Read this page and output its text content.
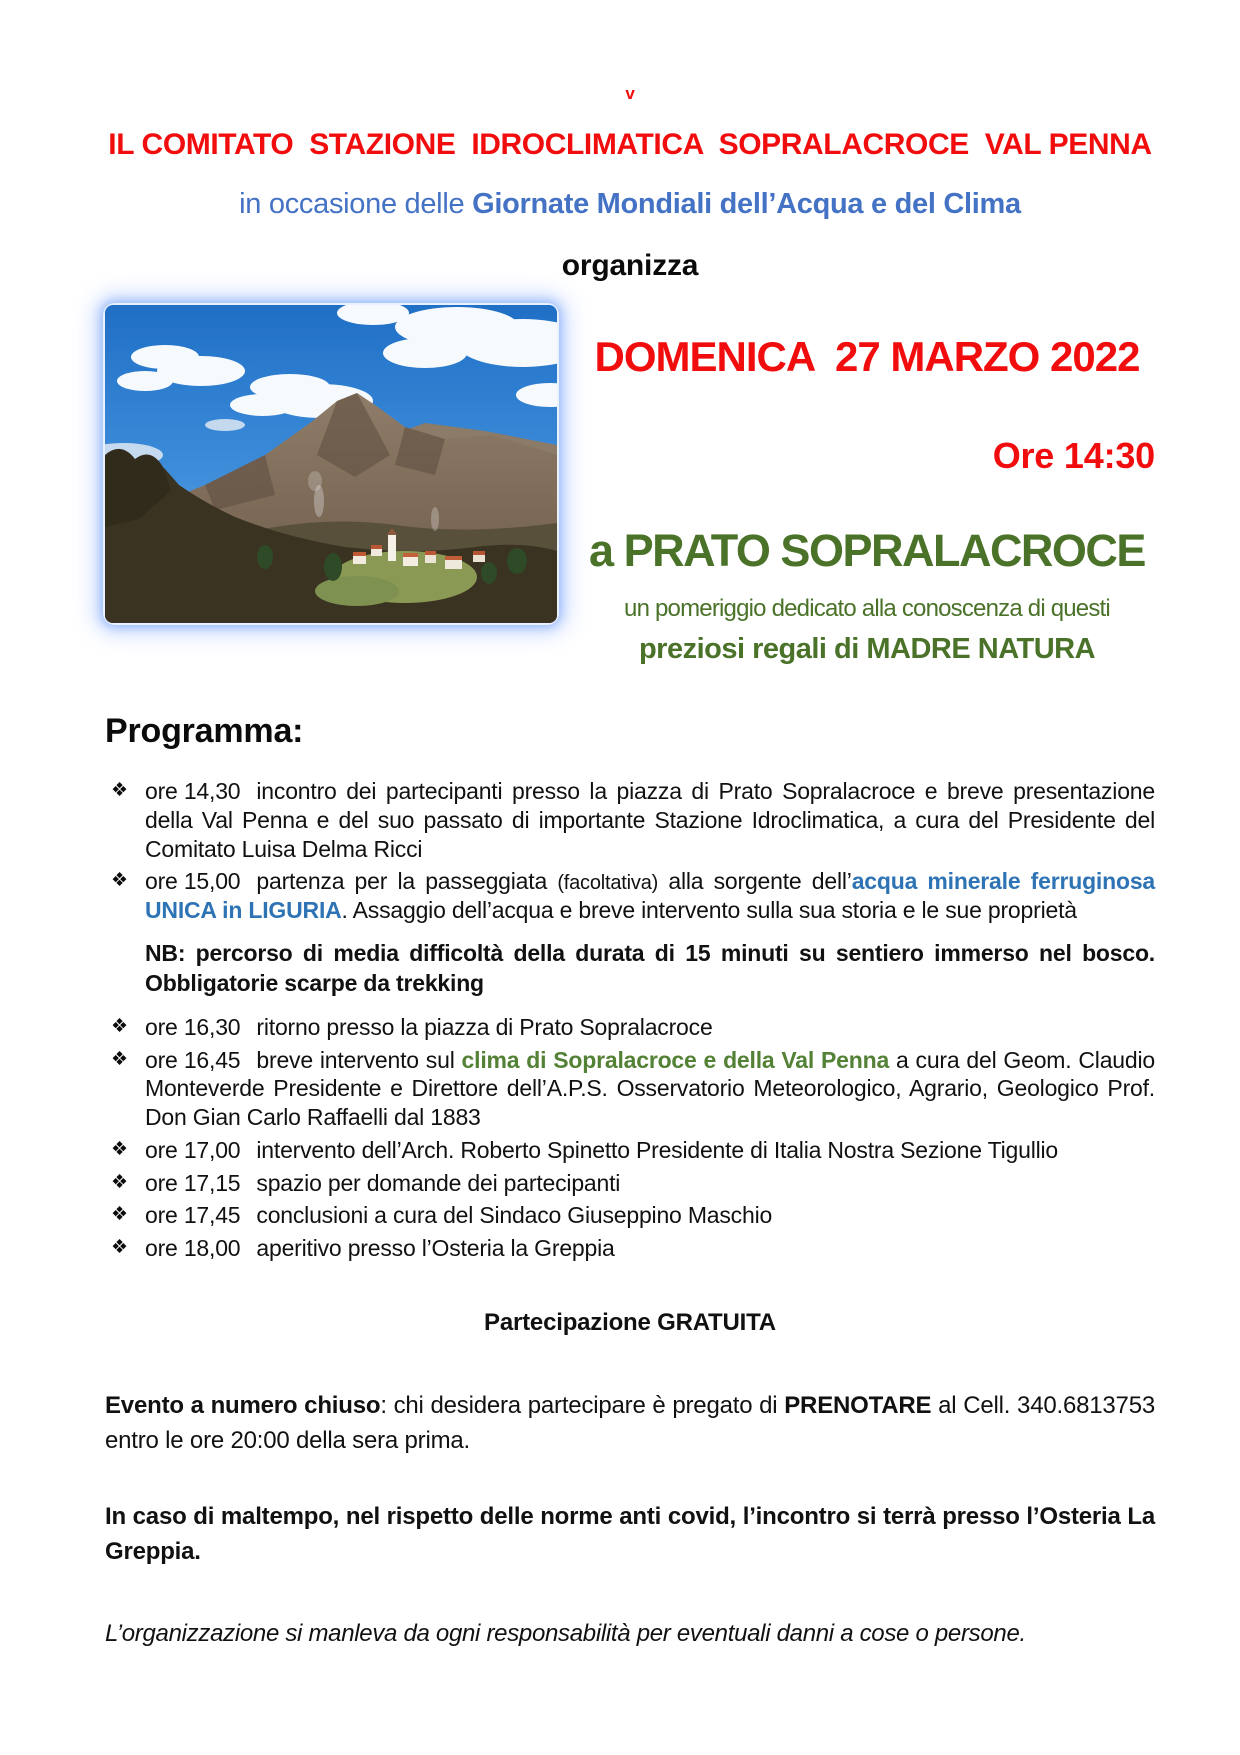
v
IL COMITATO  STAZIONE  IDROCLIMATICA  SOPRALACROCE  VAL PENNA
in occasione delle Giornate Mondiali dell’Acqua e del Clima
organizza
DOMENICA  27 MARZO 2022
Ore 14:30
a PRATO SOPRALACROCE
un pomeriggio dedicato alla conoscenza di questi
preziosi regali di MADRE NATURA
Programma:
❖ ore 14,30 incontro dei partecipanti presso la piazza di Prato Sopralacroce e breve presentazione della Val Penna e del suo passato di importante Stazione Idroclimatica, a cura del Presidente del Comitato Luisa Delma Ricci
❖ ore 15,00 partenza per la passeggiata (facoltativa) alla sorgente dell’acqua minerale ferruginosa UNICA in LIGURIA. Assaggio dell’acqua e breve intervento sulla sua storia e le sue proprietà
NB: percorso di media difficoltà della durata di 15 minuti su sentiero immerso nel bosco. Obbligatorie scarpe da trekking
❖ ore 16,30 ritorno presso la piazza di Prato Sopralacroce
❖ ore 16,45 breve intervento sul clima di Sopralacroce e della Val Penna a cura del Geom. Claudio Monteverde Presidente e Direttore dell’A.P.S. Osservatorio Meteorologico, Agrario, Geologico Prof. Don Gian Carlo Raffaelli dal 1883
❖ ore 17,00 intervento dell’Arch. Roberto Spinetto Presidente di Italia Nostra Sezione Tigullio
❖ ore 17,15 spazio per domande dei partecipanti
❖ ore 17,45 conclusioni a cura del Sindaco Giuseppino Maschio
❖ ore 18,00 aperitivo presso l’Osteria la Greppia
Partecipazione GRATUITA
Evento a numero chiuso: chi desidera partecipare è pregato di PRENOTARE al Cell. 340.6813753 entro le ore 20:00 della sera prima.
In caso di maltempo, nel rispetto delle norme anti covid, l’incontro si terrà presso l’Osteria La Greppia.
L’organizzazione si manleva da ogni responsabilità per eventuali danni a cose o persone.
